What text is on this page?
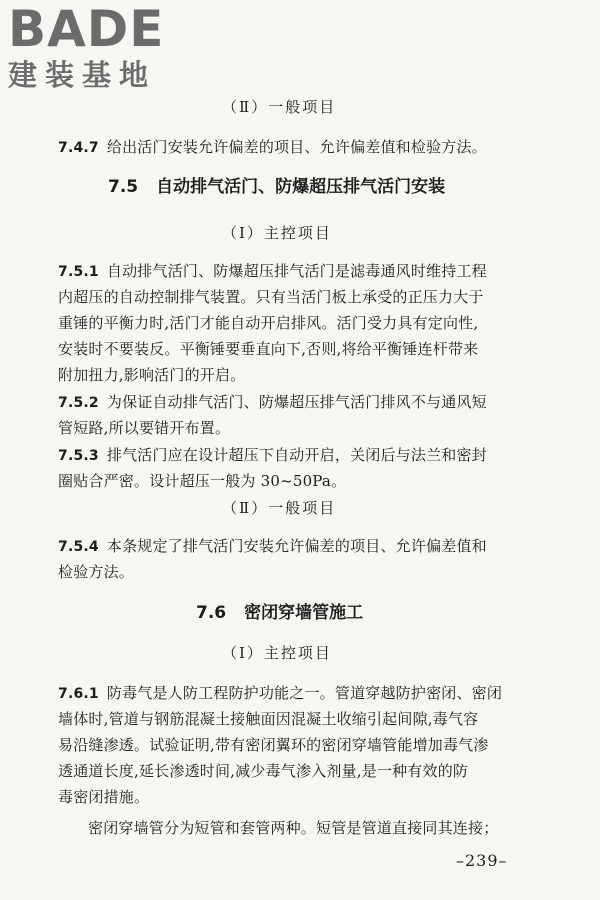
BADE
建装基地
（Ⅱ）一般项目
7.4.7 给出活门安装允许偏差的项目、允许偏差值和检验方法。
7.5 自动排气活门、防爆超压排气活门安装
（Ⅰ）主控项目
7.5.1 自动排气活门、防爆超压排气活门是滤毒通风时维持工程
内超压的自动控制排气装置。只有当活门板上承受的正压力大于
重锤的平衡力时,活门才能自动开启排风。活门受力具有定向性,
安装时不要装反。平衡锤要垂直向下,否则,将给平衡锤连杆带来
附加扭力,影响活门的开启。
7.5.2 为保证自动排气活门、防爆超压排气活门排风不与通风短
管短路,所以要错开布置。
7.5.3 排气活门应在设计超压下自动开启，关闭后与法兰和密封
圈贴合严密。设计超压一般为 30~50Pa。
（Ⅱ）一般项目
7.5.4 本条规定了排气活门安装允许偏差的项目、允许偏差值和
检验方法。
7.6 密闭穿墙管施工
（Ⅰ）主控项目
7.6.1 防毒气是人防工程防护功能之一。管道穿越防护密闭、密闭
墙体时,管道与钢筋混凝土接触面因混凝土收缩引起间隙,毒气容
易沿缝渗透。试验证明,带有密闭翼环的密闭穿墙管能增加毒气渗
透通道长度,延长渗透时间,减少毒气渗入剂量,是一种有效的防
毒密闭措施。
密闭穿墙管分为短管和套管两种。短管是管道直接同其连接；
–239–
